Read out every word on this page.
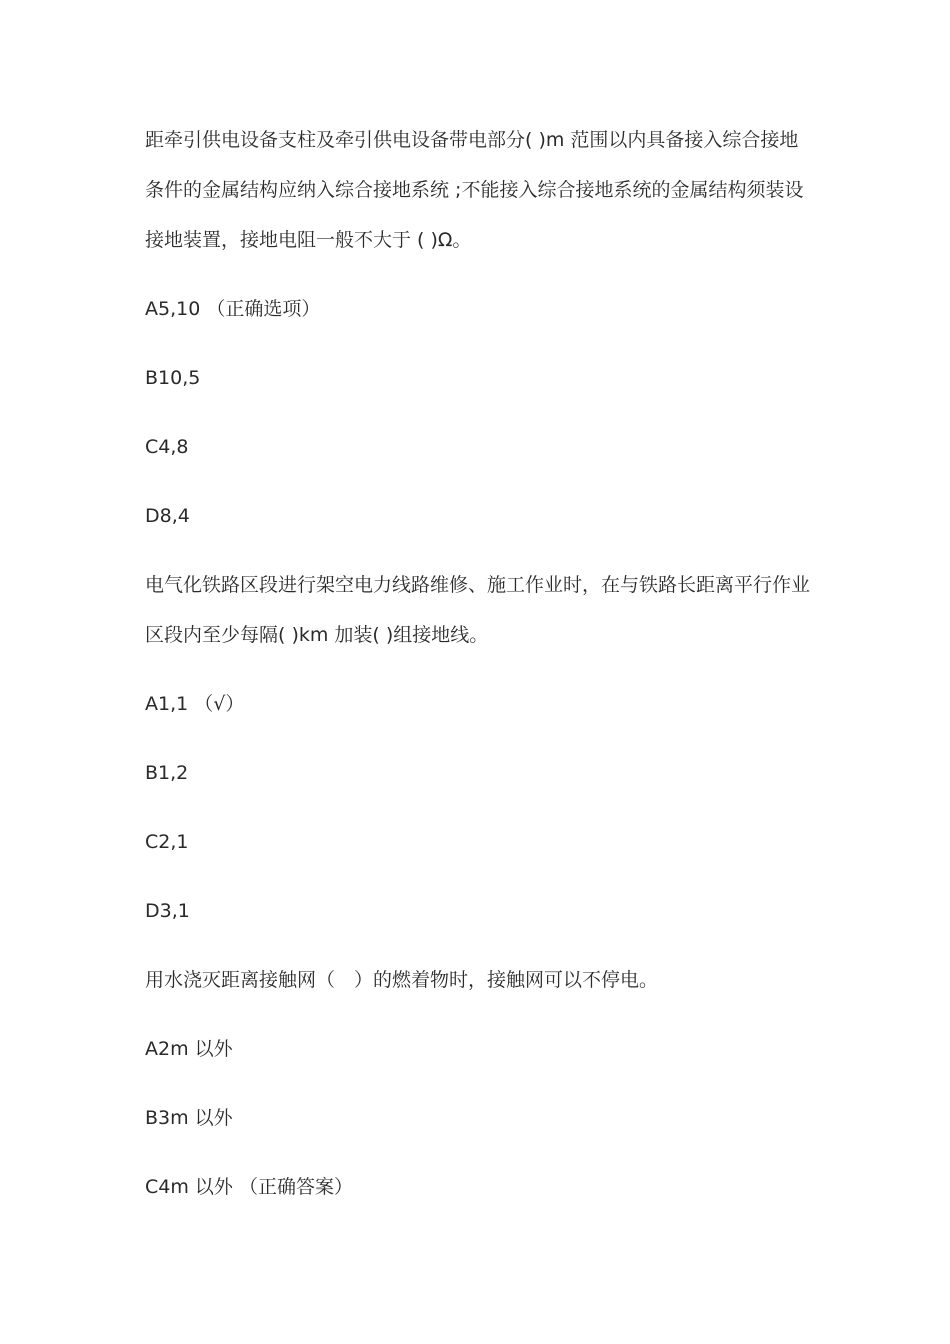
距牵引供电设备支柱及牵引供电设备带电部分( )m 范围以内具备接入综合接地
条件的金属结构应纳入综合接地系统 ;不能接入综合接地系统的金属结构须装设
接地装置，接地电阻一般不大于 ( )Ω。
A5,10 （正确选项）
B10,5
C4,8
D8,4
电气化铁路区段进行架空电力线路维修、施工作业时，在与铁路长距离平行作业
区段内至少每隔( )km 加装( )组接地线。
A1,1 （√）
B1,2
C2,1
D3,1
用水浇灭距离接触网（　）的燃着物时，接触网可以不停电。
A2m 以外
B3m 以外
C4m 以外 （正确答案）
